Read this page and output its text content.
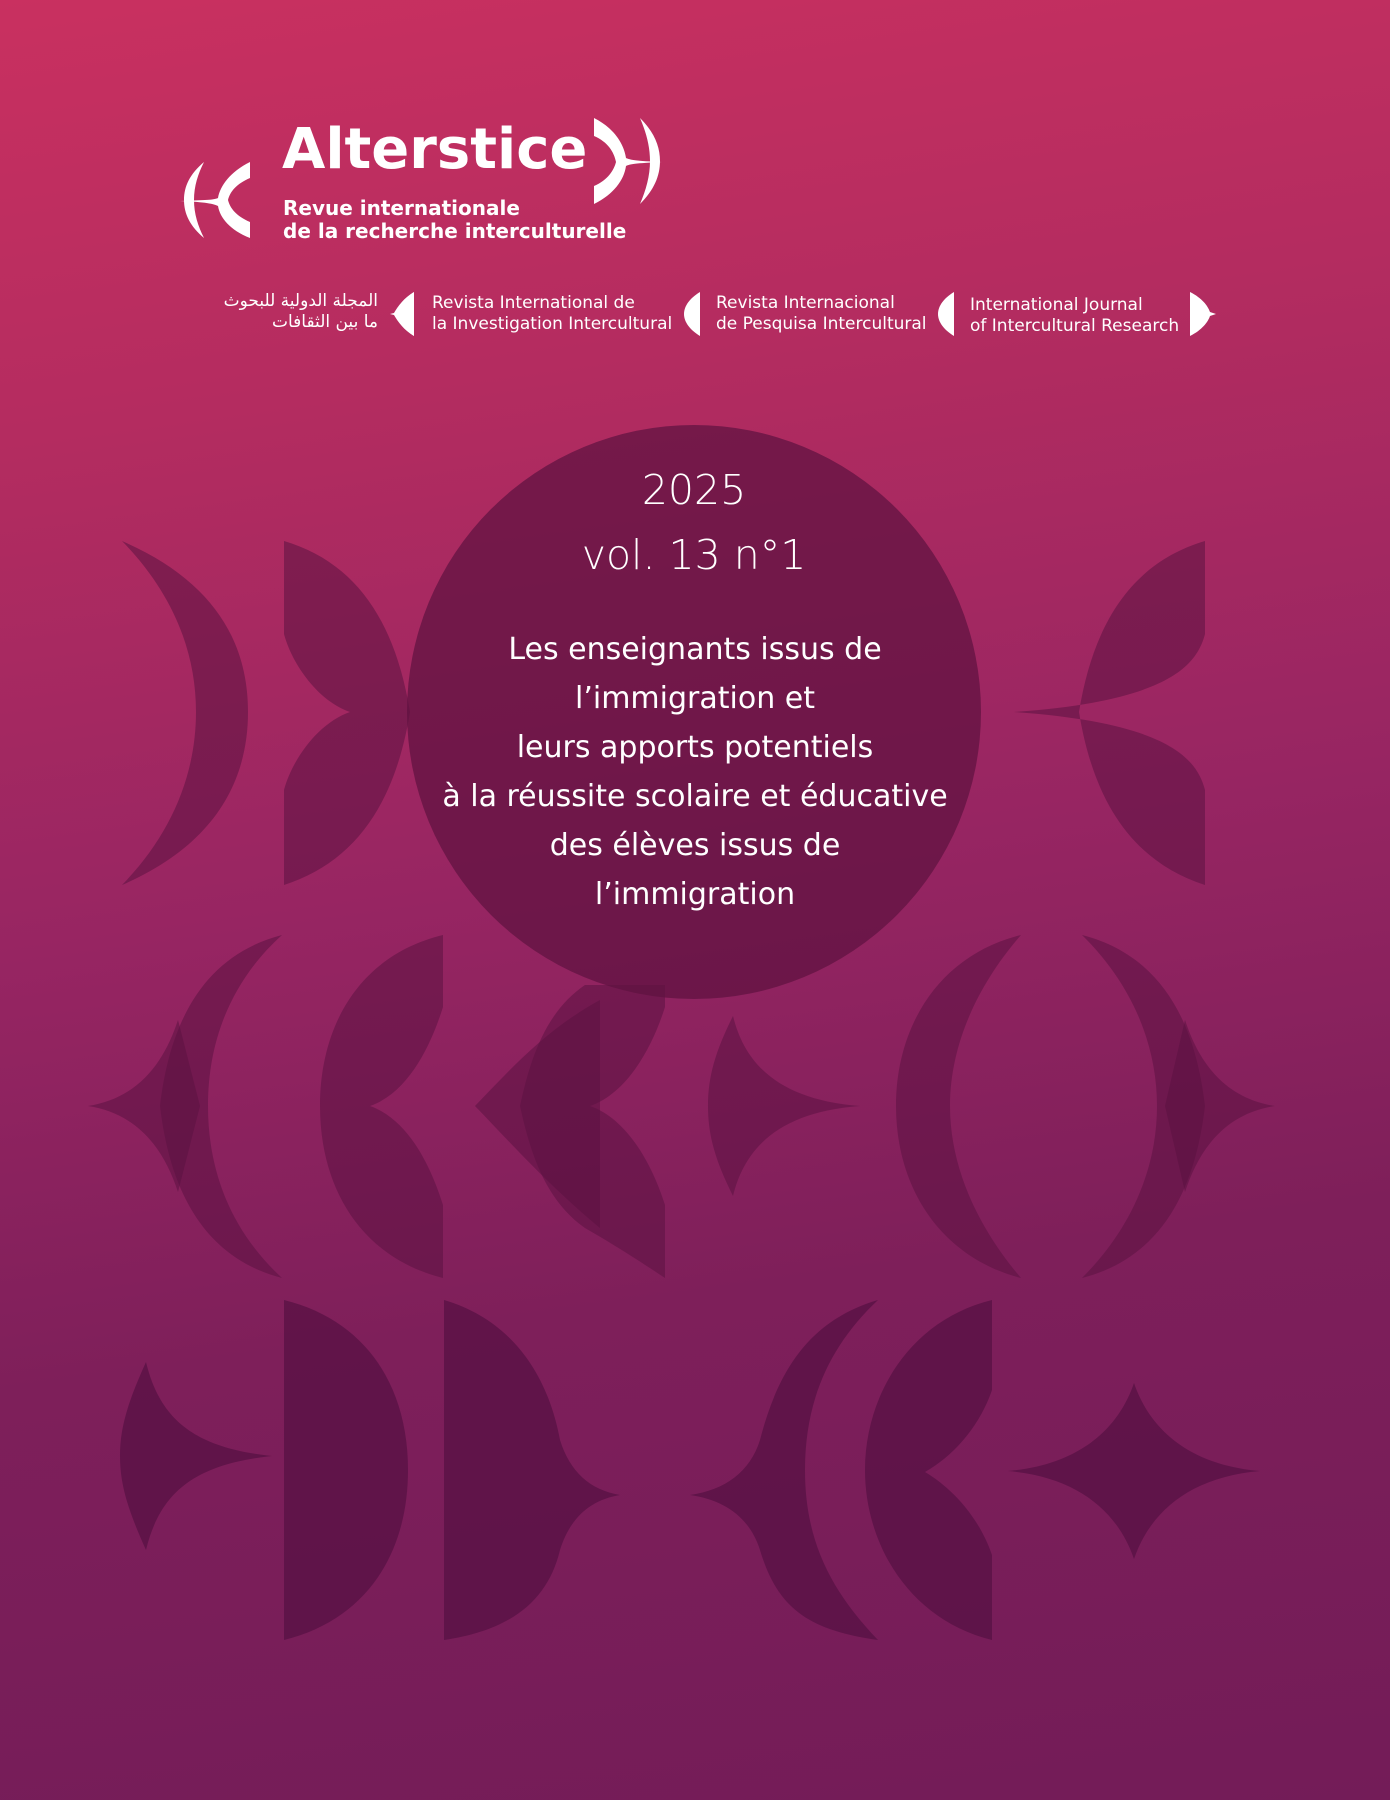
Alterstice
Revue internationale
de la recherche interculturelle
المجلة الدولية للبحوث
ما بين الثقافات
Revista International de
la Investigation Intercultural
Revista Internacional
de Pesquisa Intercultural
International Journal
of Intercultural Research
2025
vol. 13 n°1
Les enseignants issus de
l’immigration et
leurs apports potentiels
à la réussite scolaire et éducative
des élèves issus de
l’immigration
